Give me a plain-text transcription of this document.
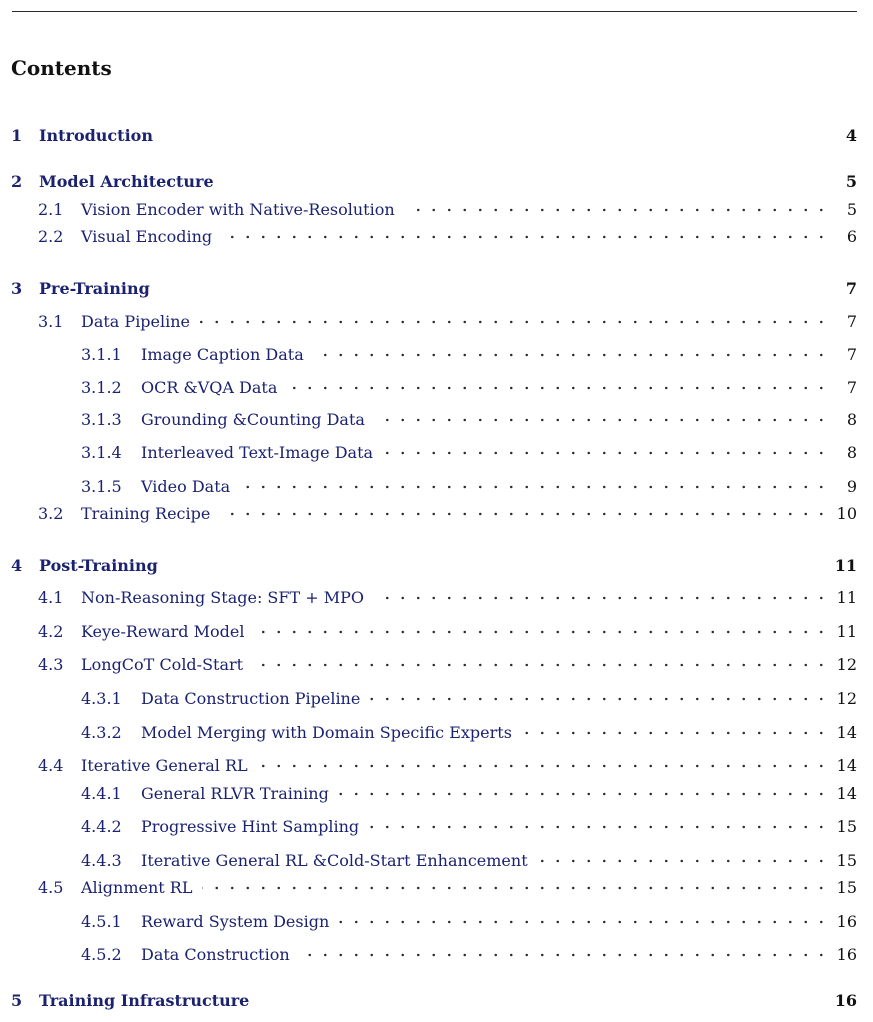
Contents
1 Introduction	4
2 Model Architecture	5
2.1 Vision Encoder with Native-Resolution	5
2.2 Visual Encoding	6
3 Pre-Training	7
3.1 Data Pipeline	7
3.1.1 Image Caption Data	7
3.1.2 OCR &VQA Data	7
3.1.3 Grounding &Counting Data	8
3.1.4 Interleaved Text-Image Data	8
3.1.5 Video Data	9
3.2 Training Recipe	10
4 Post-Training	11
4.1 Non-Reasoning Stage: SFT + MPO	11
4.2 Keye-Reward Model	11
4.3 LongCoT Cold-Start	12
4.3.1 Data Construction Pipeline	12
4.3.2 Model Merging with Domain Specific Experts	14
4.4 Iterative General RL	14
4.4.1 General RLVR Training	14
4.4.2 Progressive Hint Sampling	15
4.4.3 Iterative General RL &Cold-Start Enhancement	15
4.5 Alignment RL	15
4.5.1 Reward System Design	16
4.5.2 Data Construction	16
5 Training Infrastructure	16
